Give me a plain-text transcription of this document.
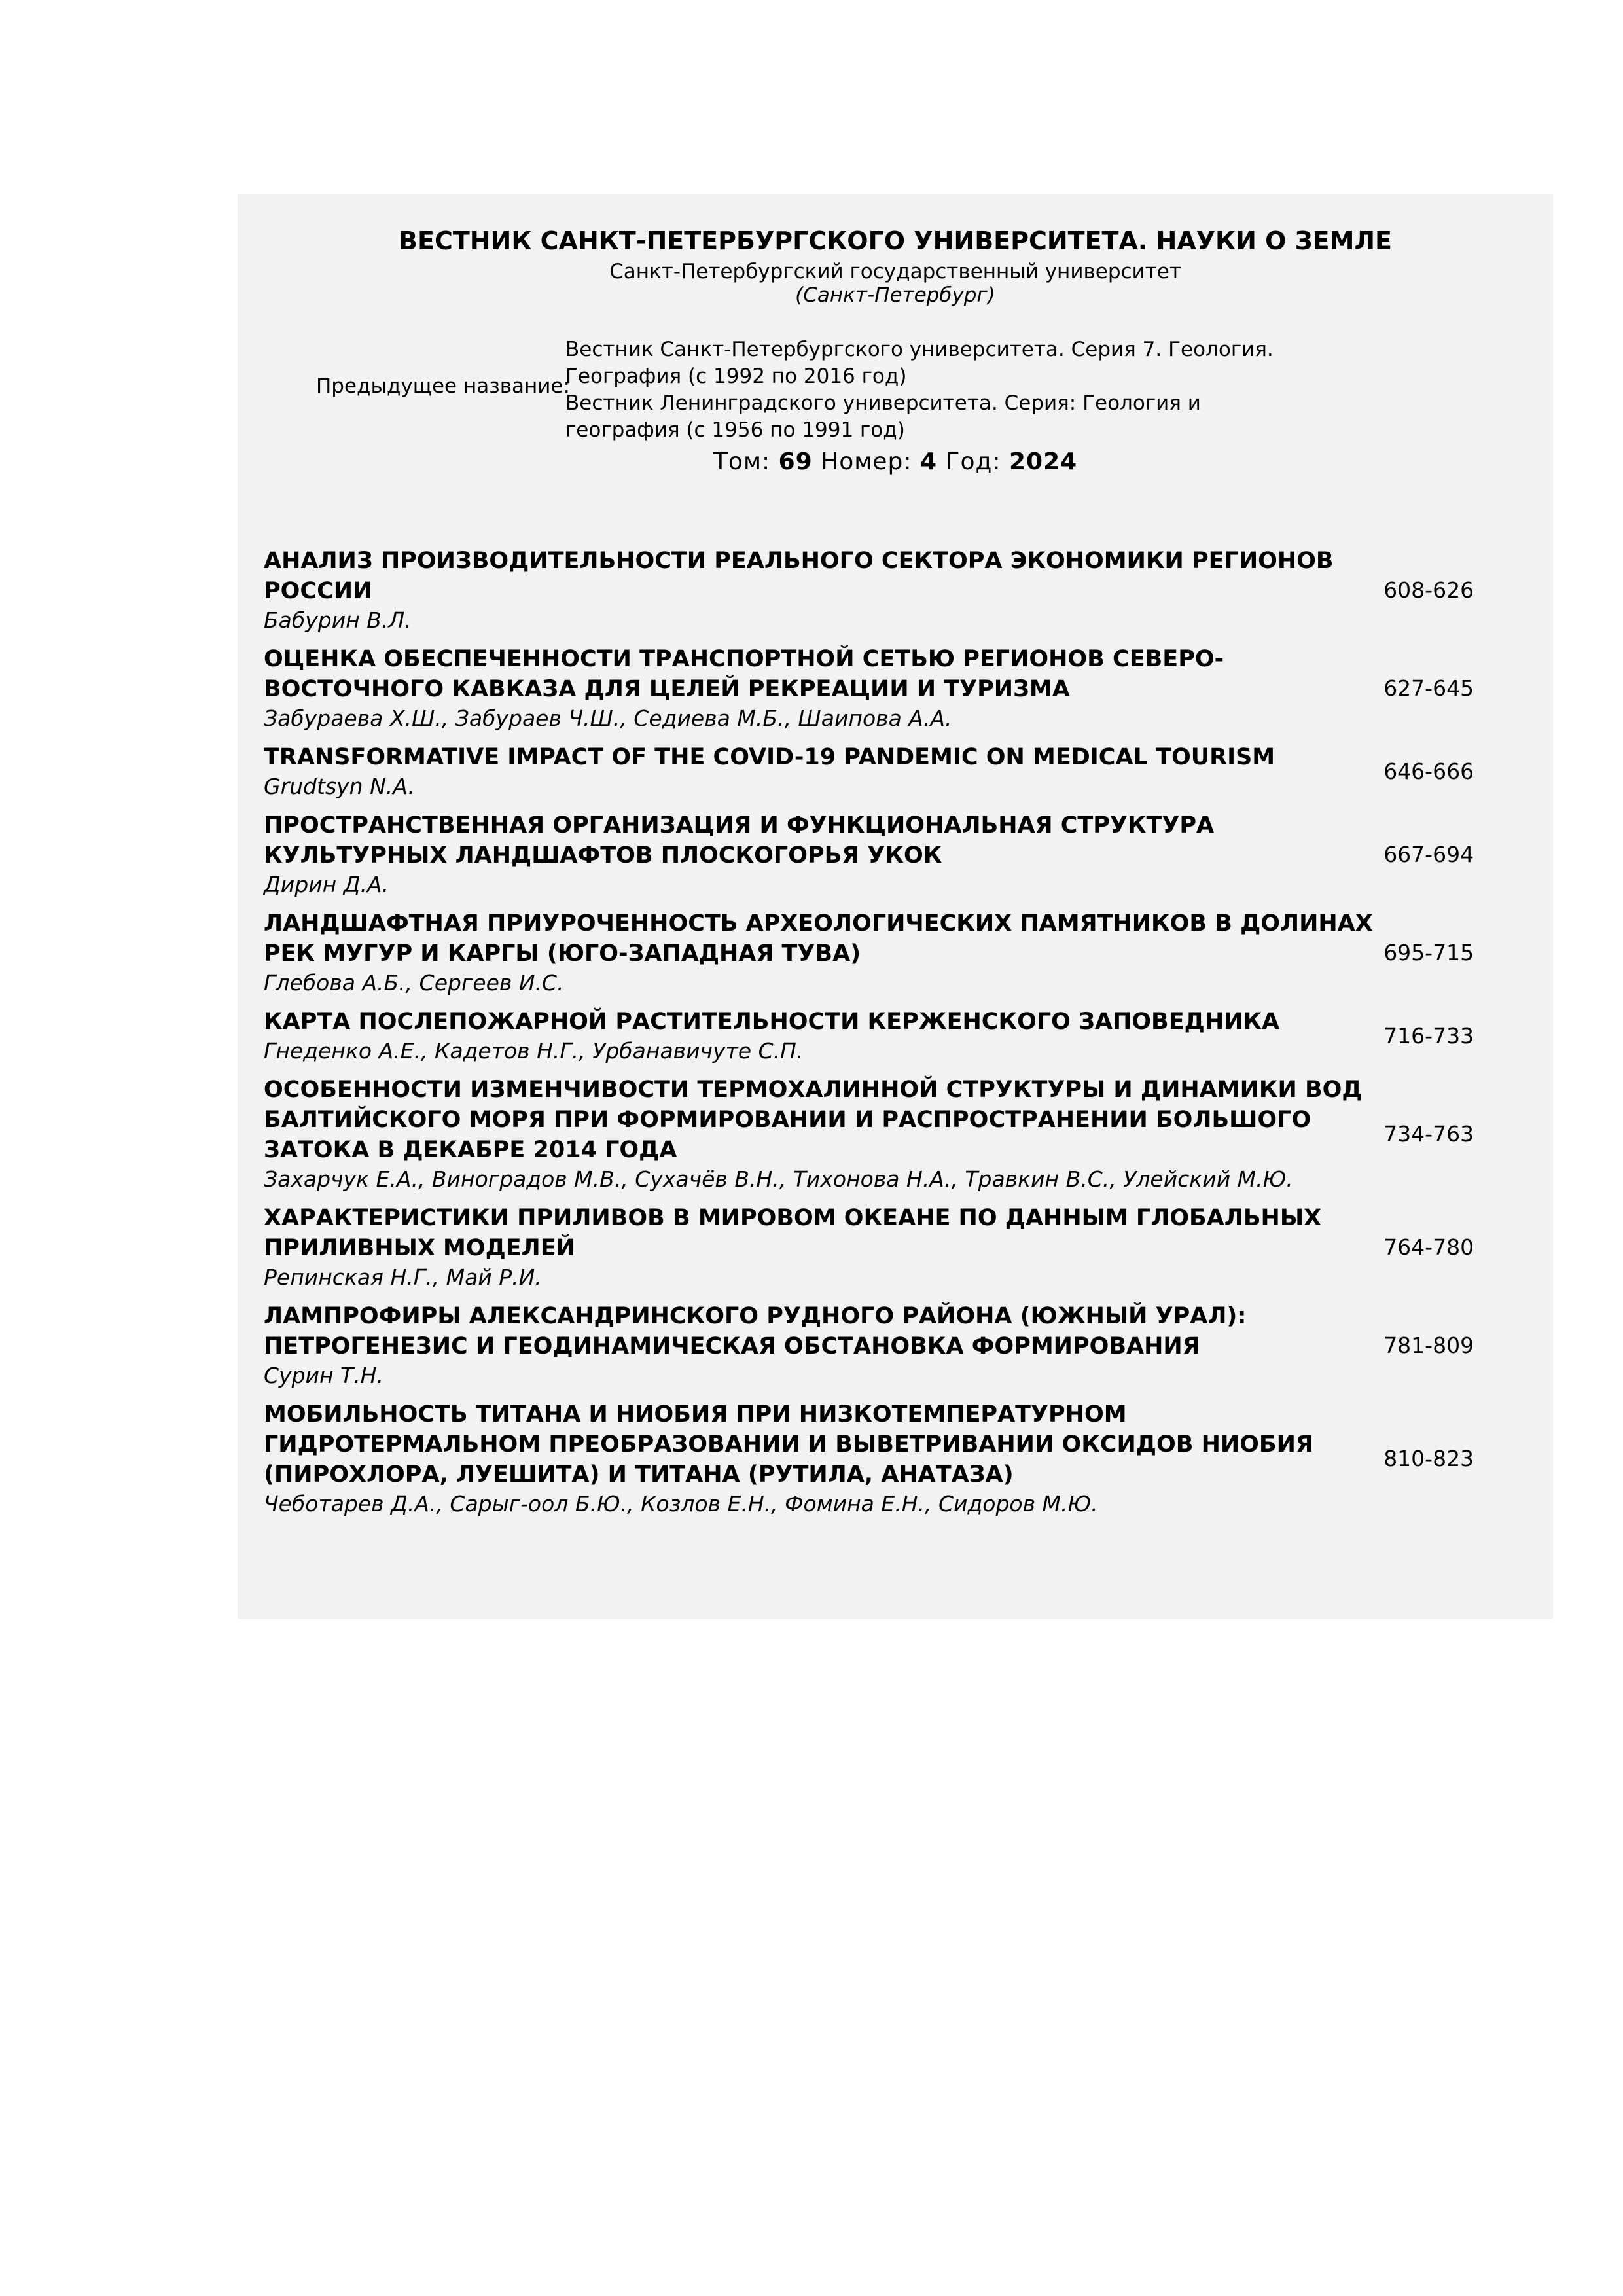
ВЕСТНИК САНКТ-ПЕТЕРБУРГСКОГО УНИВЕРСИТЕТА. НАУКИ О ЗЕМЛЕ
Санкт-Петербургский государственный университет
(Санкт-Петербург)
Предыдущее название:
Вестник Санкт-Петербургского университета. Серия 7. Геология. География (с 1992 по 2016 год)
Вестник Ленинградского университета. Серия: Геология и география (с 1956 по 1991 год)
Том: 69 Номер: 4 Год: 2024
АНАЛИЗ ПРОИЗВОДИТЕЛЬНОСТИ РЕАЛЬНОГО СЕКТОРА ЭКОНОМИКИ РЕГИОНОВ РОССИИ
Бабурин В.Л.
608-626
ОЦЕНКА ОБЕСПЕЧЕННОСТИ ТРАНСПОРТНОЙ СЕТЬЮ РЕГИОНОВ СЕВЕРО-ВОСТОЧНОГО КАВКАЗА ДЛЯ ЦЕЛЕЙ РЕКРЕАЦИИ И ТУРИЗМА
Забураева Х.Ш., Забураев Ч.Ш., Седиева М.Б., Шаипова А.А.
627-645
TRANSFORMATIVE IMPACT OF THE COVID-19 PANDEMIC ON MEDICAL TOURISM
Grudtsyn N.A.
646-666
ПРОСТРАНСТВЕННАЯ ОРГАНИЗАЦИЯ И ФУНКЦИОНАЛЬНАЯ СТРУКТУРА КУЛЬТУРНЫХ ЛАНДШАФТОВ ПЛОСКОГОРЬЯ УКОК
Дирин Д.А.
667-694
ЛАНДШАФТНАЯ ПРИУРОЧЕННОСТЬ АРХЕОЛОГИЧЕСКИХ ПАМЯТНИКОВ В ДОЛИНАХ РЕК МУГУР И КАРГЫ (ЮГО-ЗАПАДНАЯ ТУВА)
Глебова А.Б., Сергеев И.С.
695-715
КАРТА ПОСЛЕПОЖАРНОЙ РАСТИТЕЛЬНОСТИ КЕРЖЕНСКОГО ЗАПОВЕДНИКА
Гнеденко А.Е., Кадетов Н.Г., Урбанавичуте С.П.
716-733
ОСОБЕННОСТИ ИЗМЕНЧИВОСТИ ТЕРМОХАЛИННОЙ СТРУКТУРЫ И ДИНАМИКИ ВОД БАЛТИЙСКОГО МОРЯ ПРИ ФОРМИРОВАНИИ И РАСПРОСТРАНЕНИИ БОЛЬШОГО ЗАТОКА В ДЕКАБРЕ 2014 ГОДА
Захарчук Е.А., Виноградов М.В., Сухачёв В.Н., Тихонова Н.А., Травкин В.С., Улейский М.Ю.
734-763
ХАРАКТЕРИСТИКИ ПРИЛИВОВ В МИРОВОМ ОКЕАНЕ ПО ДАННЫМ ГЛОБАЛЬНЫХ ПРИЛИВНЫХ МОДЕЛЕЙ
Репинская Н.Г., Май Р.И.
764-780
ЛАМПРОФИРЫ АЛЕКСАНДРИНСКОГО РУДНОГО РАЙОНА (ЮЖНЫЙ УРАЛ): ПЕТРОГЕНЕЗИС И ГЕОДИНАМИЧЕСКАЯ ОБСТАНОВКА ФОРМИРОВАНИЯ
Сурин Т.Н.
781-809
МОБИЛЬНОСТЬ ТИТАНА И НИОБИЯ ПРИ НИЗКОТЕМПЕРАТУРНОМ ГИДРОТЕРМАЛЬНОМ ПРЕОБРАЗОВАНИИ И ВЫВЕТРИВАНИИ ОКСИДОВ НИОБИЯ (ПИРОХЛОРА, ЛУЕШИТА) И ТИТАНА (РУТИЛА, АНАТАЗА)
Чеботарев Д.А., Сарыг-оол Б.Ю., Козлов Е.Н., Фомина Е.Н., Сидоров М.Ю.
810-823
